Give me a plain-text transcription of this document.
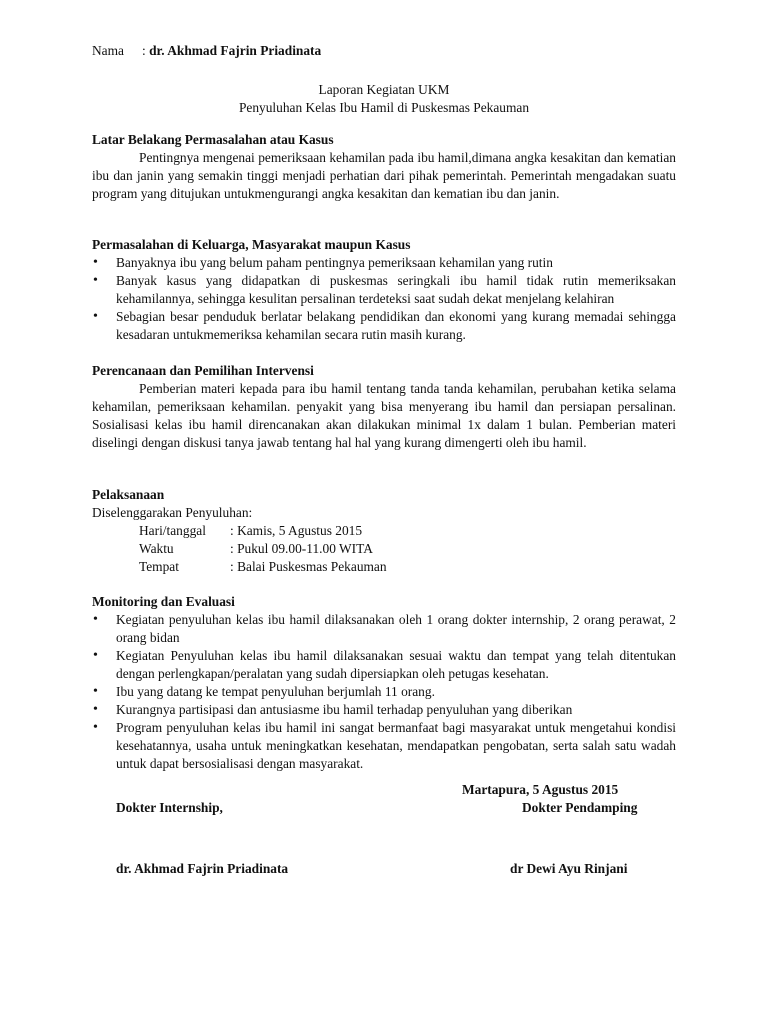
Nama : dr. Akhmad Fajrin Priadinata
Laporan Kegiatan UKM
Penyuluhan Kelas Ibu Hamil di Puskesmas Pekauman

Latar Belakang Permasalahan atau Kasus

Pentingnya mengenai pemeriksaan kehamilan pada ibu hamil,dimana angka kesakitan dan kematian ibu dan janin yang semakin tinggi menjadi perhatian dari pihak pemerintah. Pemerintah mengadakan suatu program yang ditujukan untukmengurangi angka kesakitan dan kematian ibu dan janin.

Permasalahan di Keluarga, Masyarakat maupun Kasus

• Banyaknya ibu yang belum paham pentingnya pemeriksaan kehamilan yang rutin
• Banyak kasus yang didapatkan di puskesmas seringkali ibu hamil tidak rutin memeriksakan kehamilannya, sehingga kesulitan persalinan terdeteksi saat sudah dekat menjelang kelahiran
• Sebagian besar penduduk berlatar belakang pendidikan dan ekonomi yang kurang memadai sehingga kesadaran untukmemeriksa kehamilan secara rutin masih kurang.

Perencanaan dan Pemilihan Intervensi

Pemberian materi kepada para ibu hamil tentang tanda tanda kehamilan, perubahan ketika selama kehamilan, pemeriksaan kehamilan. penyakit yang bisa menyerang ibu hamil dan persiapan persalinan. Sosialisasi kelas ibu hamil direncanakan akan dilakukan minimal 1x dalam 1 bulan. Pemberian materi diselingi dengan diskusi tanya jawab tentang hal hal yang kurang dimengerti oleh ibu hamil.

Pelaksanaan

Diselenggarakan Penyuluhan:

Hari/tanggal	: Kamis, 5 Agustus 2015
Waktu	: Pukul 09.00-11.00 WITA
Tempat	: Balai Puskesmas Pekauman

Monitoring dan Evaluasi

• Kegiatan penyuluhan kelas ibu hamil dilaksanakan oleh 1 orang dokter internship, 2 orang perawat, 2 orang bidan
• Kegiatan Penyuluhan kelas ibu hamil dilaksanakan sesuai waktu dan tempat yang telah ditentukan dengan perlengkapan/peralatan yang sudah dipersiapkan oleh petugas kesehatan.
• Ibu yang datang ke tempat penyuluhan berjumlah 11 orang.
• Kurangnya partisipasi dan antusiasme ibu hamil terhadap penyuluhan yang diberikan
• Program penyuluhan kelas ibu hamil ini sangat bermanfaat bagi masyarakat untuk mengetahui kondisi kesehatannya, usaha untuk meningkatkan kesehatan, mendapatkan pengobatan, serta salah satu wadah untuk dapat bersosialisasi dengan masyarakat.
Martapura, 5 Agustus 2015
Dokter Internship,	Dokter Pendamping
dr. Akhmad Fajrin Priadinata	dr Dewi Ayu Rinjani
